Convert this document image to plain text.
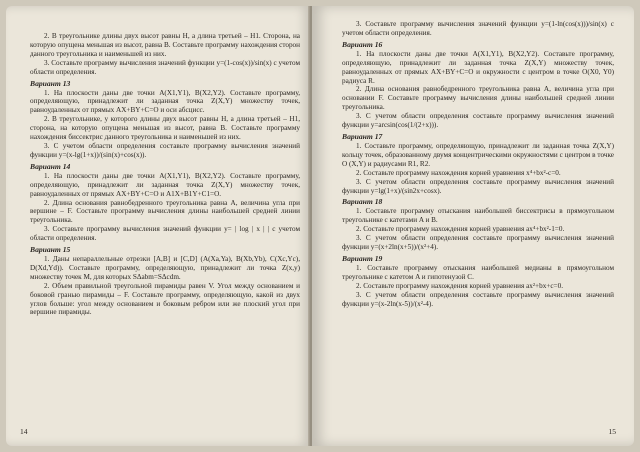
2. В треугольнике длины двух высот равны H, а длина третьей – H1. Сторона, на которую опущена меньшая из высот, равна B. Составьте программу нахождения сторон данного треугольника и наименьшей из них.

3. Составьте программу вычисления значений функции y=(1-cos(x))/sin(x) с учетом области определения.

Вариант 13

1. На плоскости даны две точки A(X1,Y1), B(X2,Y2). Составьте программу, определяющую, принадлежит ли заданная точка Z(X,Y) множеству точек, равноудаленных от прямых AX+BY+C=O и оси абсцисс.

2. В треугольнике, у которого длины двух высот равны H, а длина третьей – H1, сторона, на которую опущена меньшая из высот, равна B. Составьте программу нахождения биссектрис данного треугольника и наименьшей из них.

3. С учетом области определения составьте программу вычисления значений функции y=(x-lg(1+x))/(sin(x)+cos(x)).

Вариант 14

1. На плоскости даны две точки A(X1,Y1), B(X2,Y2). Составьте программу, определяющую, принадлежит ли заданная точка Z(X,Y) множеству точек, равноудаленных от прямых AX+BY+C=O и A1X+B1Y+C1=O.

2. Длина основания равнобедренного треугольника равна A, величина угла при вершине – F. Составьте программу вычисления длины наибольшей средней линии треугольника.

3. Составьте программу вычисления значений функции y= | log | x | | с учетом области определения.

Вариант 15

1. Даны непараллельные отрезки [A,B] и [C,D] (A(Xa,Ya), B(Xb,Yb), C(Xc,Yc), D(Xd,Yd)). Составьте программу, определяющую, принадлежит ли точка Z(x,y) множеству точек M, для которых SΔabm=SΔcdm.

2. Объем правильной треугольной пирамиды равен V. Угол между основанием и боковой гранью пирамиды – F. Составьте программу, определяющую, какой из двух углов больше: угол между основанием и боковым ребром или же плоский угол при вершине пирамиды.

14

3. Составьте программу вычисления значений функции y=(1-ln(cos(x)))/sin(x) с учетом области определения.

Вариант 16

1. На плоскости даны две точки A(X1,Y1), B(X2,Y2). Составьте программу, определяющую, принадлежит ли заданная точка Z(X,Y) множеству точек, равноудаленных от прямых AX+BY+C=O и окружности с центром в точке O(X0, Y0) радиуса R.

2. Длина основания равнобедренного треугольника равна A, величина угла при основании F. Составьте программу вычисления длины наибольшей средней линии треугольника.

3. С учетом области определения составьте программу вычисления значений функции y=arcsin(cos(1/(2+x))).

Вариант 17

1. Составьте программу, определяющую, принадлежит ли заданная точка Z(X,Y) кольцу точек, образованному двумя концентрическими окружностями с центром в точке O (X,Y) и радиусами R1, R2.

2. Составьте программу нахождения корней уравнения x⁴+bx²-c=0.

3. С учетом области определения составьте программу вычисления значений функции y=lg(1+x)/(sin2x+cosx).

Вариант 18

1. Составьте программу отыскания наибольшей биссектрисы в прямоугольном треугольнике с катетами A и B.

2. Составьте программу нахождения корней уравнения ax⁴+bx²-1=0.

3. С учетом области определения составьте программу вычисления значений функции y=(x+2ln(x+5))/(x²+4).

Вариант 19

1. Составьте программу отыскания наибольшей медианы в прямоугольном треугольнике с катетом A и гипотенузой C.

2. Составьте программу нахождения корней уравнения ax²+bx+c=0.

3. С учетом области определения составьте программу вычисления значений функции y=(x-2ln(x-5))/(x²-4).

15
